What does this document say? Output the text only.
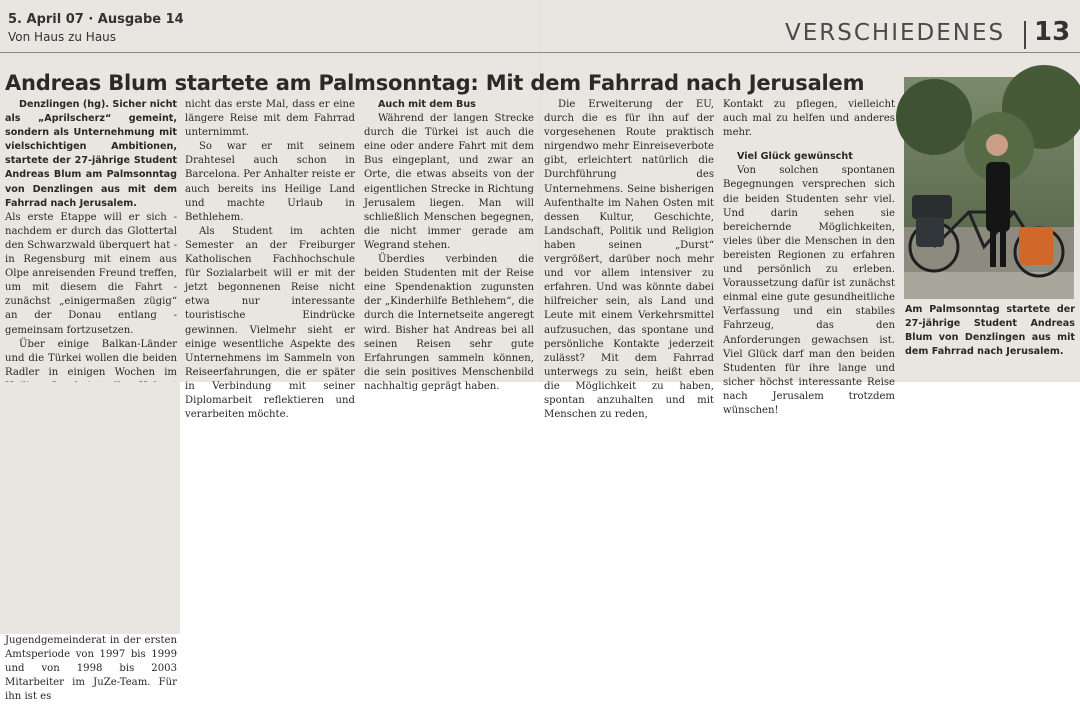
5. April 07 · Ausgabe 14
Von Haus zu Haus	VERSCHIEDENES 13
Andreas Blum startete am Palmsonntag: Mit dem Fahrrad nach Jerusalem

Denzlingen (hg). Sicher nicht als „Aprilscherz“ gemeint, sondern als Unternehmung mit vielschichtigen Ambitionen, startete der 27-jährige Student Andreas Blum am Palmsonntag von Denzlingen aus mit dem Fahrrad nach Jerusalem.

Als erste Etappe will er sich - nachdem er durch das Glottertal den Schwarzwald überquert hat - in Regensburg mit einem aus Olpe anreisenden Freund treffen, um mit diesem die Fahrt - zunächst „einigermaßen zügig“ an der Donau entlang - gemeinsam fortzusetzen.

Über einige Balkan-Länder und die Türkei wollen die beiden Radler in einigen Wochen im

Jugendgemeinderat in der ersten Amtsperiode von 1997 bis 1999 und von 1998 bis 2003 Mitarbeiter im JuZe-Team. Für ihn ist es

nicht das erste Mal, dass er eine längere Reise mit dem Fahrrad unternimmt.

So war er mit seinem Drahtesel auch schon in Barcelona. Per Anhalter reiste er auch bereits ins Heilige Land und machte Urlaub in Bethlehem.

Als Student im achten Semester an der Freiburger Katholischen Fachhochschule für Sozialarbeit will er mit der jetzt begonnenen Reise nicht etwa nur interessante touristische Eindrücke gewinnen. Vielmehr sieht er einige wesentliche Aspekte des Unternehmens im Sammeln von Reiseerfahrungen, die er später in Verbindung mit seiner Diplomarbeit reflektieren und verarbeiten möchte.

Auch mit dem Bus

Während der langen Strecke durch die Türkei ist auch die eine oder andere Fahrt mit dem Bus eingeplant, und zwar an Orte, die etwas abseits von der eigentlichen Strecke in Richtung Jerusalem liegen. Man will schließlich Menschen begegnen, die nicht immer gerade am Wegrand stehen.

Überdies verbinden die beiden Studenten mit der Reise eine Spendenaktion zugunsten der „Kinderhilfe Bethlehem“, die durch die Internetseite angeregt wird. Bisher hat Andreas bei all seinen Reisen sehr gute Erfahrungen sammeln können, die sein positives Menschenbild nachhaltig geprägt haben.

Die Erweiterung der EU, durch die es für ihn auf der vorgesehenen Route praktisch nirgendwo mehr Einreiseverbote gibt, erleichtert natürlich die Durchführung des Unternehmens. Seine bisherigen Aufenthalte im Nahen Osten mit dessen Kultur, Geschichte, Landschaft, Politik und Religion haben seinen „Durst“ vergrößert, darüber noch mehr und vor allem intensiver zu erfahren. Und was könnte dabei hilfreicher sein, als Land und Leute mit einem Verkehrsmittel aufzusuchen, das spontane und persönliche Kontakte jederzeit zulässt? Mit dem Fahrrad unterwegs zu sein, heißt eben die Möglichkeit zu haben, spontan anzuhalten und mit Menschen zu reden,

Kontakt zu pflegen, vielleicht auch mal zu helfen und anderes mehr.

Viel Glück gewünscht

Von solchen spontanen Begegnungen versprechen sich die beiden Studenten sehr viel. Und darin sehen sie bereichernde Möglichkeiten, vieles über die Menschen in den bereisten Regionen zu erfahren und persönlich zu erleben. Voraussetzung dafür ist zunächst einmal eine gute gesundheitliche Verfassung und ein stabiles Fahrzeug, das den Anforderungen gewachsen ist. Viel Glück darf man den beiden Studenten für ihre lange und sicher höchst interessante Reise nach Jerusalem trotzdem wünschen!

Am Palmsonntag startete der 27-jährige Student Andreas Blum von Denzlingen aus mit dem Fahrrad nach Jerusalem.
